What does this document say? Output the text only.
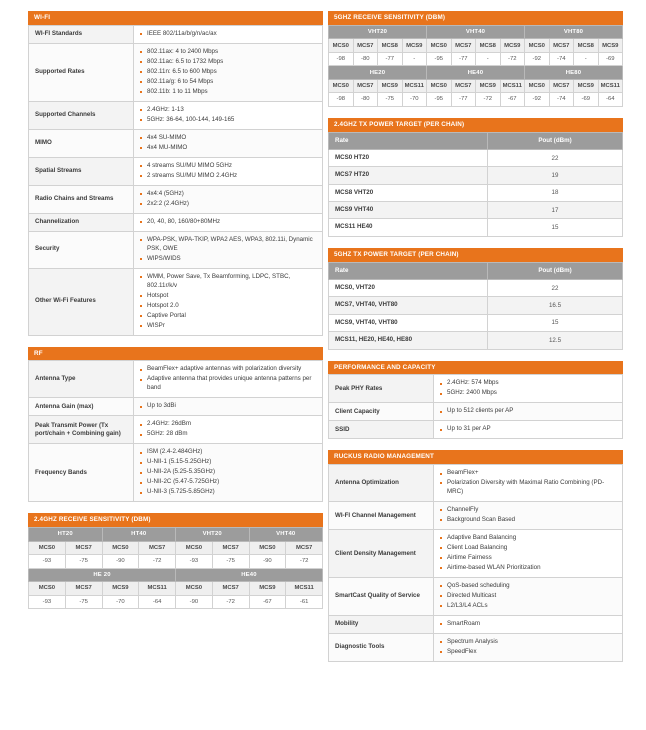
WI-FI
WI-FI Standards	IEEE 802/11a/b/g/n/ac/ax

Supported Rates	
802.11ax: 4 to 2400 Mbps
802.11ac: 6.5 to 1732 Mbps
802.11n: 6.5 to 600 Mbps
802.11a/g: 6 to 54 Mbps
802.11b: 1 to 11 Mbps

Supported Channels	
2.4GHz: 1-13
5GHz: 36-64, 100-144, 149-165

MIMO	
4x4 SU-MIMO
4x4 MU-MIMO

Spatial Streams	
4 streams SU/MU MIMO 5GHz
2 streams SU/MU MIMO 2.4GHz

Radio Chains and Streams	
4x4:4 (5GHz)
2x2:2 (2.4GHz)

Channelization	20, 40, 80, 160/80+80MHz

Security	
WPA-PSK, WPA-TKIP, WPA2 AES, WPA3, 802.11i, Dynamic PSK, OWE
WIPS/WIDS

Other Wi-Fi Features	
WMM, Power Save, Tx Beamforming, LDPC, STBC, 802.11r/k/v
Hotspot
Hotspot 2.0
Captive Portal
WISPr
RF
Antenna Type	
BeamFlex+ adaptive antennas with polarization diversity
Adaptive antenna that provides unique antenna patterns per band

Antenna Gain (max)	Up to 3dBi

Peak Transmit Power (Tx port/chain + Combining gain)	
2.4GHz: 26dBm
5GHz: 28 dBm

Frequency Bands	
ISM (2.4-2.484GHz)
U-NII-1 (5.15-5.25GHz)
U-NII-2A (5.25-5.35GHz)
U-NII-2C (5.47-5.725GHz)
U-NII-3 (5.725-5.85GHz)
2.4GHZ RECEIVE SENSITIVITY (DBM)
HT20		HT40		VHT20		VHT40	
MCS0	MCS7	MCS0	MCS7	MCS0	MCS7	MCS0	MCS7
-93	-75	-90	-72	-93	-75	-90	-72
HE 20				HE40			
MCS0	MCS7	MCS9	MCS11	MCS0	MCS7	MCS9	MCS11
-93	-75	-70	-64	-90	-72	-67	-61
5GHZ RECEIVE SENSITIVITY (DBM)
VHT20				VHT40				VHT80			
MCS0	MCS7	MCS8	MCS9	MCS0	MCS7	MCS8	MCS9	MCS0	MCS7	MCS8	MCS9
-98	-80	-77	-	-95	-77	-	-72	-92	-74	-	-69
HE20				HE40				HE80			
MCS0	MCS7	MCS9	MCS11	MCS0	MCS7	MCS9	MCS11	MCS0	MCS7	MCS9	MCS11
-98	-80	-75	-70	-95	-77	-72	-67	-92	-74	-69	-64
2.4GHZ TX POWER TARGET (PER CHAIN)
Rate	Pout (dBm)
MCS0 HT20	22
MCS7 HT20	19
MCS8 VHT20	18
MCS9 VHT40	17
MCS11 HE40	15
5GHZ TX POWER TARGET (PER CHAIN)
Rate	Pout (dBm)
MCS0, VHT20	22
MCS7, VHT40, VHT80	16.5
MCS9, VHT40, VHT80	15
MCS11, HE20, HE40, HE80	12.5
PERFORMANCE AND CAPACITY
Peak PHY Rates	
2.4GHz: 574 Mbps
5GHz: 2400 Mbps

Client Capacity	Up to 512 clients per AP

SSID	Up to 31 per AP
RUCKUS RADIO MANAGEMENT
Antenna Optimization	
BeamFlex+
Polarization Diversity with Maximal Ratio Combining (PD-MRC)

WI-FI Channel Management	
ChannelFly
Background Scan Based

Client Density Management	
Adaptive Band Balancing
Client Load Balancing
Airtime Fairness
Airtime-based WLAN Prioritization

SmartCast Quality of Service	
QoS-based scheduling
Directed Multicast
L2/L3/L4 ACLs

Mobility	SmartRoam

Diagnostic Tools	
Spectrum Analysis
SpeedFlex
